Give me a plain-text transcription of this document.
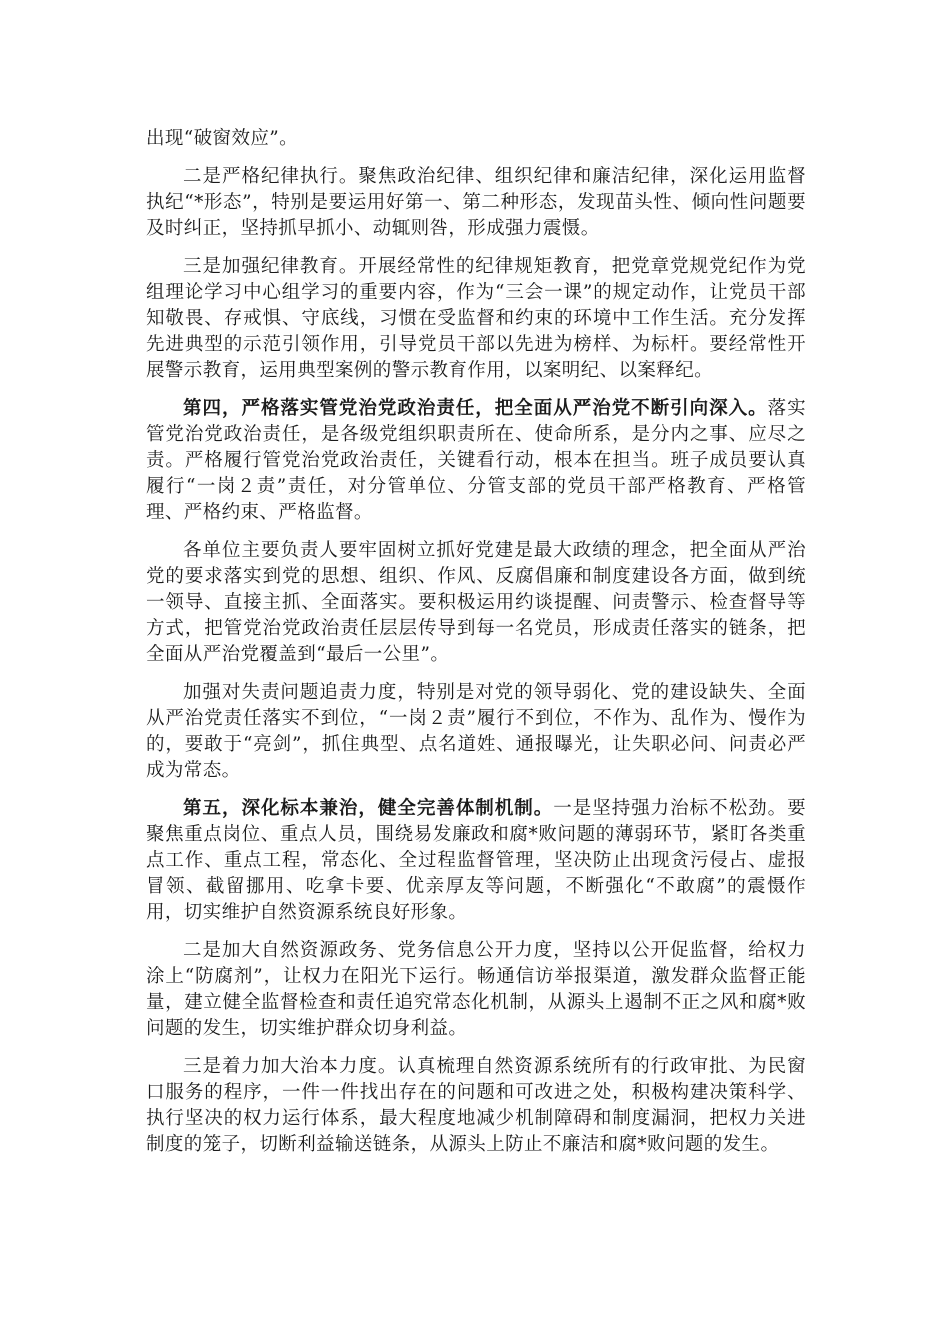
出现“破窗效应”。

二是严格纪律执行。聚焦政治纪律、组织纪律和廉洁纪律，深化运用监督执纪“*形态”，特别是要运用好第一、第二种形态，发现苗头性、倾向性问题要及时纠正，坚持抓早抓小、动辄则咎，形成强力震慑。

三是加强纪律教育。开展经常性的纪律规矩教育，把党章党规党纪作为党组理论学习中心组学习的重要内容，作为“三会一课”的规定动作，让党员干部知敬畏、存戒惧、守底线，习惯在受监督和约束的环境中工作生活。充分发挥先进典型的示范引领作用，引导党员干部以先进为榜样、为标杆。要经常性开展警示教育，运用典型案例的警示教育作用，以案明纪、以案释纪。

第四，严格落实管党治党政治责任，把全面从严治党不断引向深入。落实管党治党政治责任，是各级党组织职责所在、使命所系，是分内之事、应尽之责。严格履行管党治党政治责任，关键看行动，根本在担当。班子成员要认真履行“一岗２责”责任，对分管单位、分管支部的党员干部严格教育、严格管理、严格约束、严格监督。

各单位主要负责人要牢固树立抓好党建是最大政绩的理念，把全面从严治党的要求落实到党的思想、组织、作风、反腐倡廉和制度建设各方面，做到统一领导、直接主抓、全面落实。要积极运用约谈提醒、问责警示、检查督导等方式，把管党治党政治责任层层传导到每一名党员，形成责任落实的链条，把全面从严治党覆盖到“最后一公里”。

加强对失责问题追责力度，特别是对党的领导弱化、党的建设缺失、全面从严治党责任落实不到位，“一岗２责”履行不到位，不作为、乱作为、慢作为的，要敢于“亮剑”，抓住典型、点名道姓、通报曝光，让失职必问、问责必严成为常态。

第五，深化标本兼治，健全完善体制机制。一是坚持强力治标不松劲。要聚焦重点岗位、重点人员，围绕易发廉政和腐*败问题的薄弱环节，紧盯各类重点工作、重点工程，常态化、全过程监督管理，坚决防止出现贪污侵占、虚报冒领、截留挪用、吃拿卡要、优亲厚友等问题，不断强化“不敢腐”的震慑作用，切实维护自然资源系统良好形象。

二是加大自然资源政务、党务信息公开力度，坚持以公开促监督，给权力涂上“防腐剂”，让权力在阳光下运行。畅通信访举报渠道，激发群众监督正能量，建立健全监督检查和责任追究常态化机制，从源头上遏制不正之风和腐*败问题的发生，切实维护群众切身利益。

三是着力加大治本力度。认真梳理自然资源系统所有的行政审批、为民窗口服务的程序，一件一件找出存在的问题和可改进之处，积极构建决策科学、执行坚决的权力运行体系，最大程度地减少机制障碍和制度漏洞，把权力关进制度的笼子，切断利益输送链条，从源头上防止不廉洁和腐*败问题的发生。
